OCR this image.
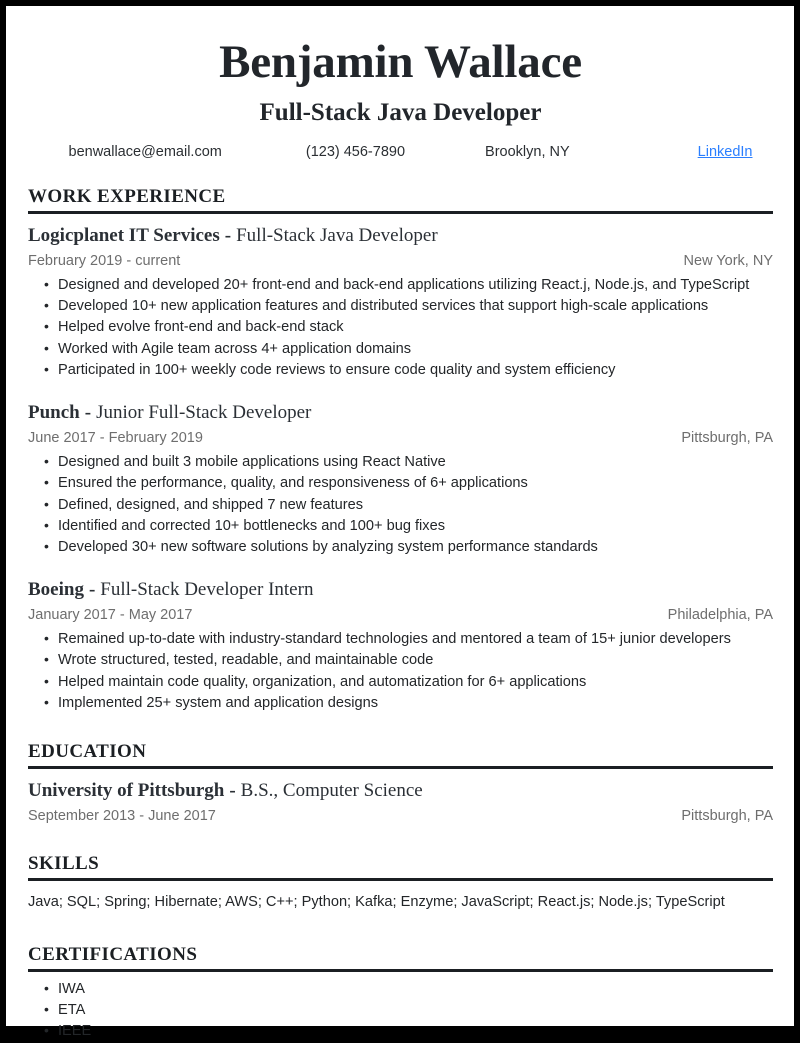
Benjamin Wallace
Full-Stack Java Developer
benwallace@email.com	(123) 456-7890	Brooklyn, NY	LinkedIn
WORK EXPERIENCE
Logicplanet IT Services - Full-Stack Java Developer
February 2019 - current	New York, NY
• Designed and developed 20+ front-end and back-end applications utilizing React.j, Node.js, and TypeScript
• Developed 10+ new application features and distributed services that support high-scale applications
• Helped evolve front-end and back-end stack
• Worked with Agile team across 4+ application domains
• Participated in 100+ weekly code reviews to ensure code quality and system efficiency
Punch - Junior Full-Stack Developer
June 2017 - February 2019	Pittsburgh, PA
• Designed and built 3 mobile applications using React Native
• Ensured the performance, quality, and responsiveness of 6+ applications
• Defined, designed, and shipped 7 new features
• Identified and corrected 10+ bottlenecks and 100+ bug fixes
• Developed 30+ new software solutions by analyzing system performance standards
Boeing - Full-Stack Developer Intern
January 2017 - May 2017	Philadelphia, PA
• Remained up-to-date with industry-standard technologies and mentored a team of 15+ junior developers
• Wrote structured, tested, readable, and maintainable code
• Helped maintain code quality, organization, and automatization for 6+ applications
• Implemented 25+ system and application designs
EDUCATION
University of Pittsburgh - B.S., Computer Science
September 2013 - June 2017	Pittsburgh, PA
SKILLS
Java; SQL; Spring; Hibernate; AWS; C++; Python; Kafka; Enzyme; JavaScript; React.js; Node.js; TypeScript
CERTIFICATIONS
• IWA
• ETA
• IEEE
